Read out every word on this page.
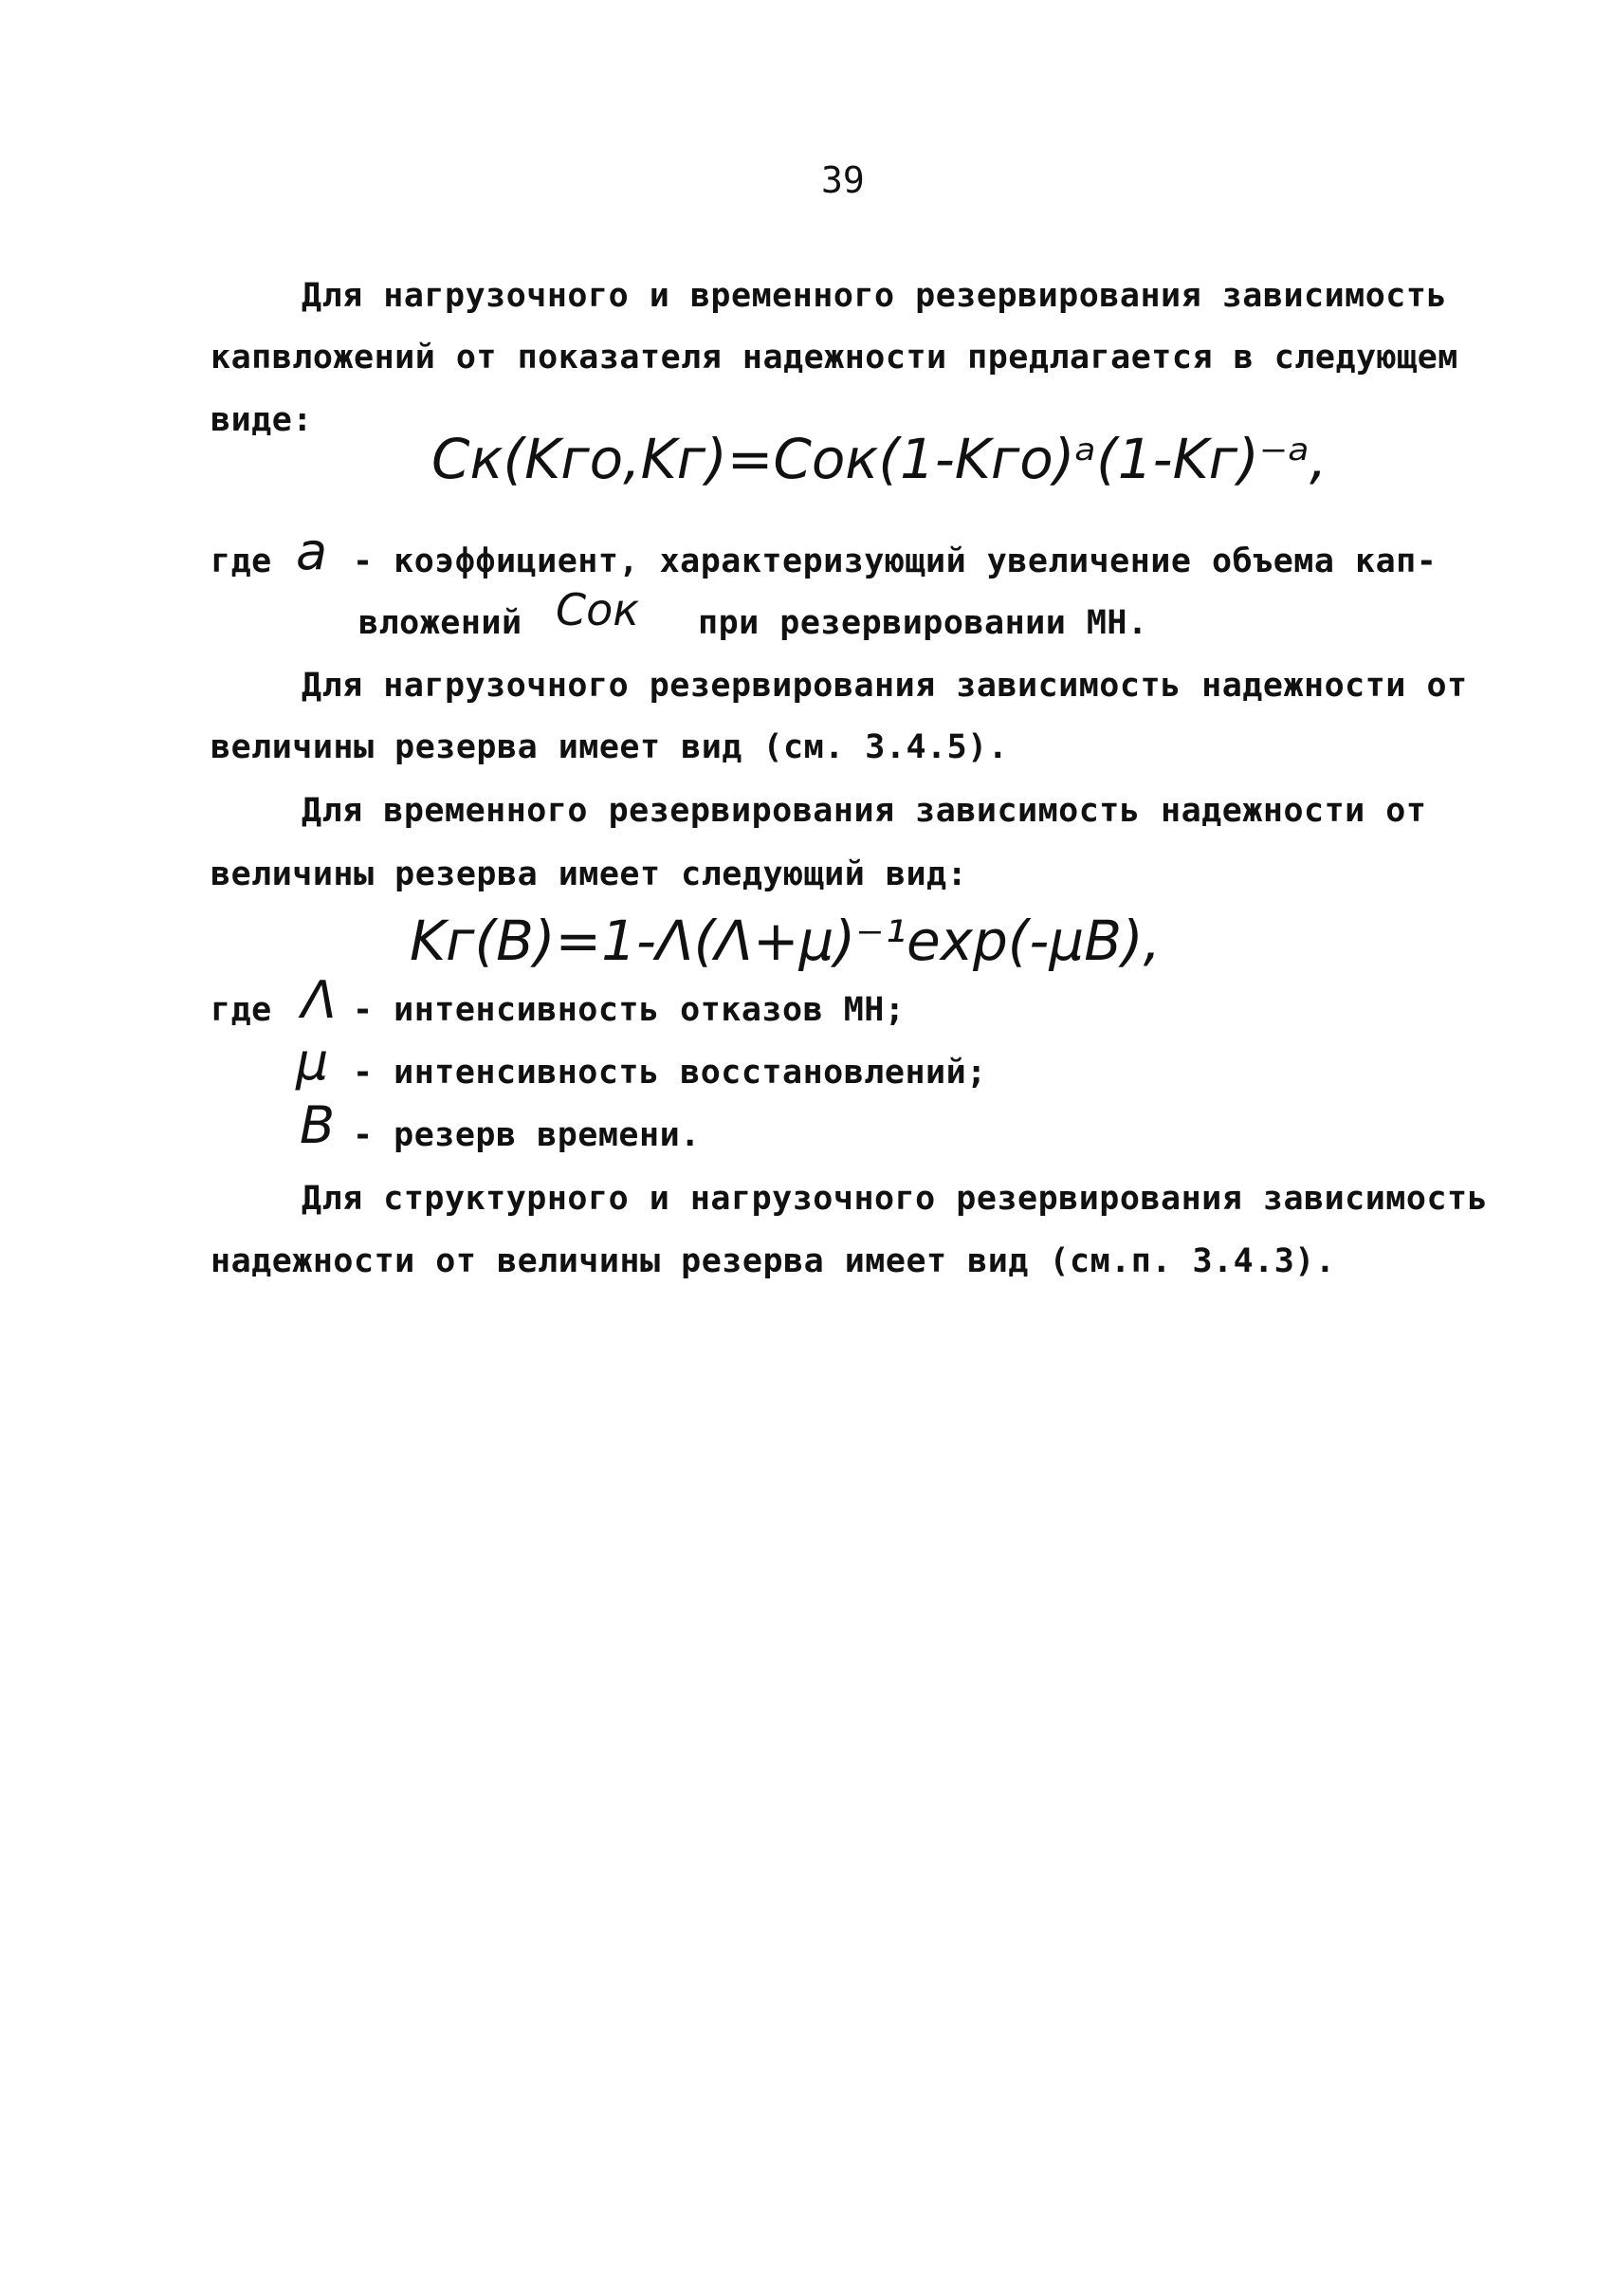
39
Для нагрузочного и временного резервирования зависимость
капвложений от показателя надежности предлагается в следующем
виде:
Cк(Kгο,Kг)=Cοк(1-Kгο)ᵃ(1-Kг)⁻ᵃ,
где a - коэффициент, характеризующий увеличение объема кап-
вложений Cοк при резервировании МН.
Для нагрузочного резервирования зависимость надежности от
величины резерва имеет вид (см. 3.4.5).
Для временного резервирования зависимость надежности от
величины резерва имеет следующий вид:
Kг(B)=1-Λ(Λ+μ)⁻¹exp(-μB),
где Λ - интенсивность отказов МН;
μ - интенсивность восстановлений;
B - резерв времени.
Для структурного и нагрузочного резервирования зависимость
надежности от величины резерва имеет вид (см.п. 3.4.3).
